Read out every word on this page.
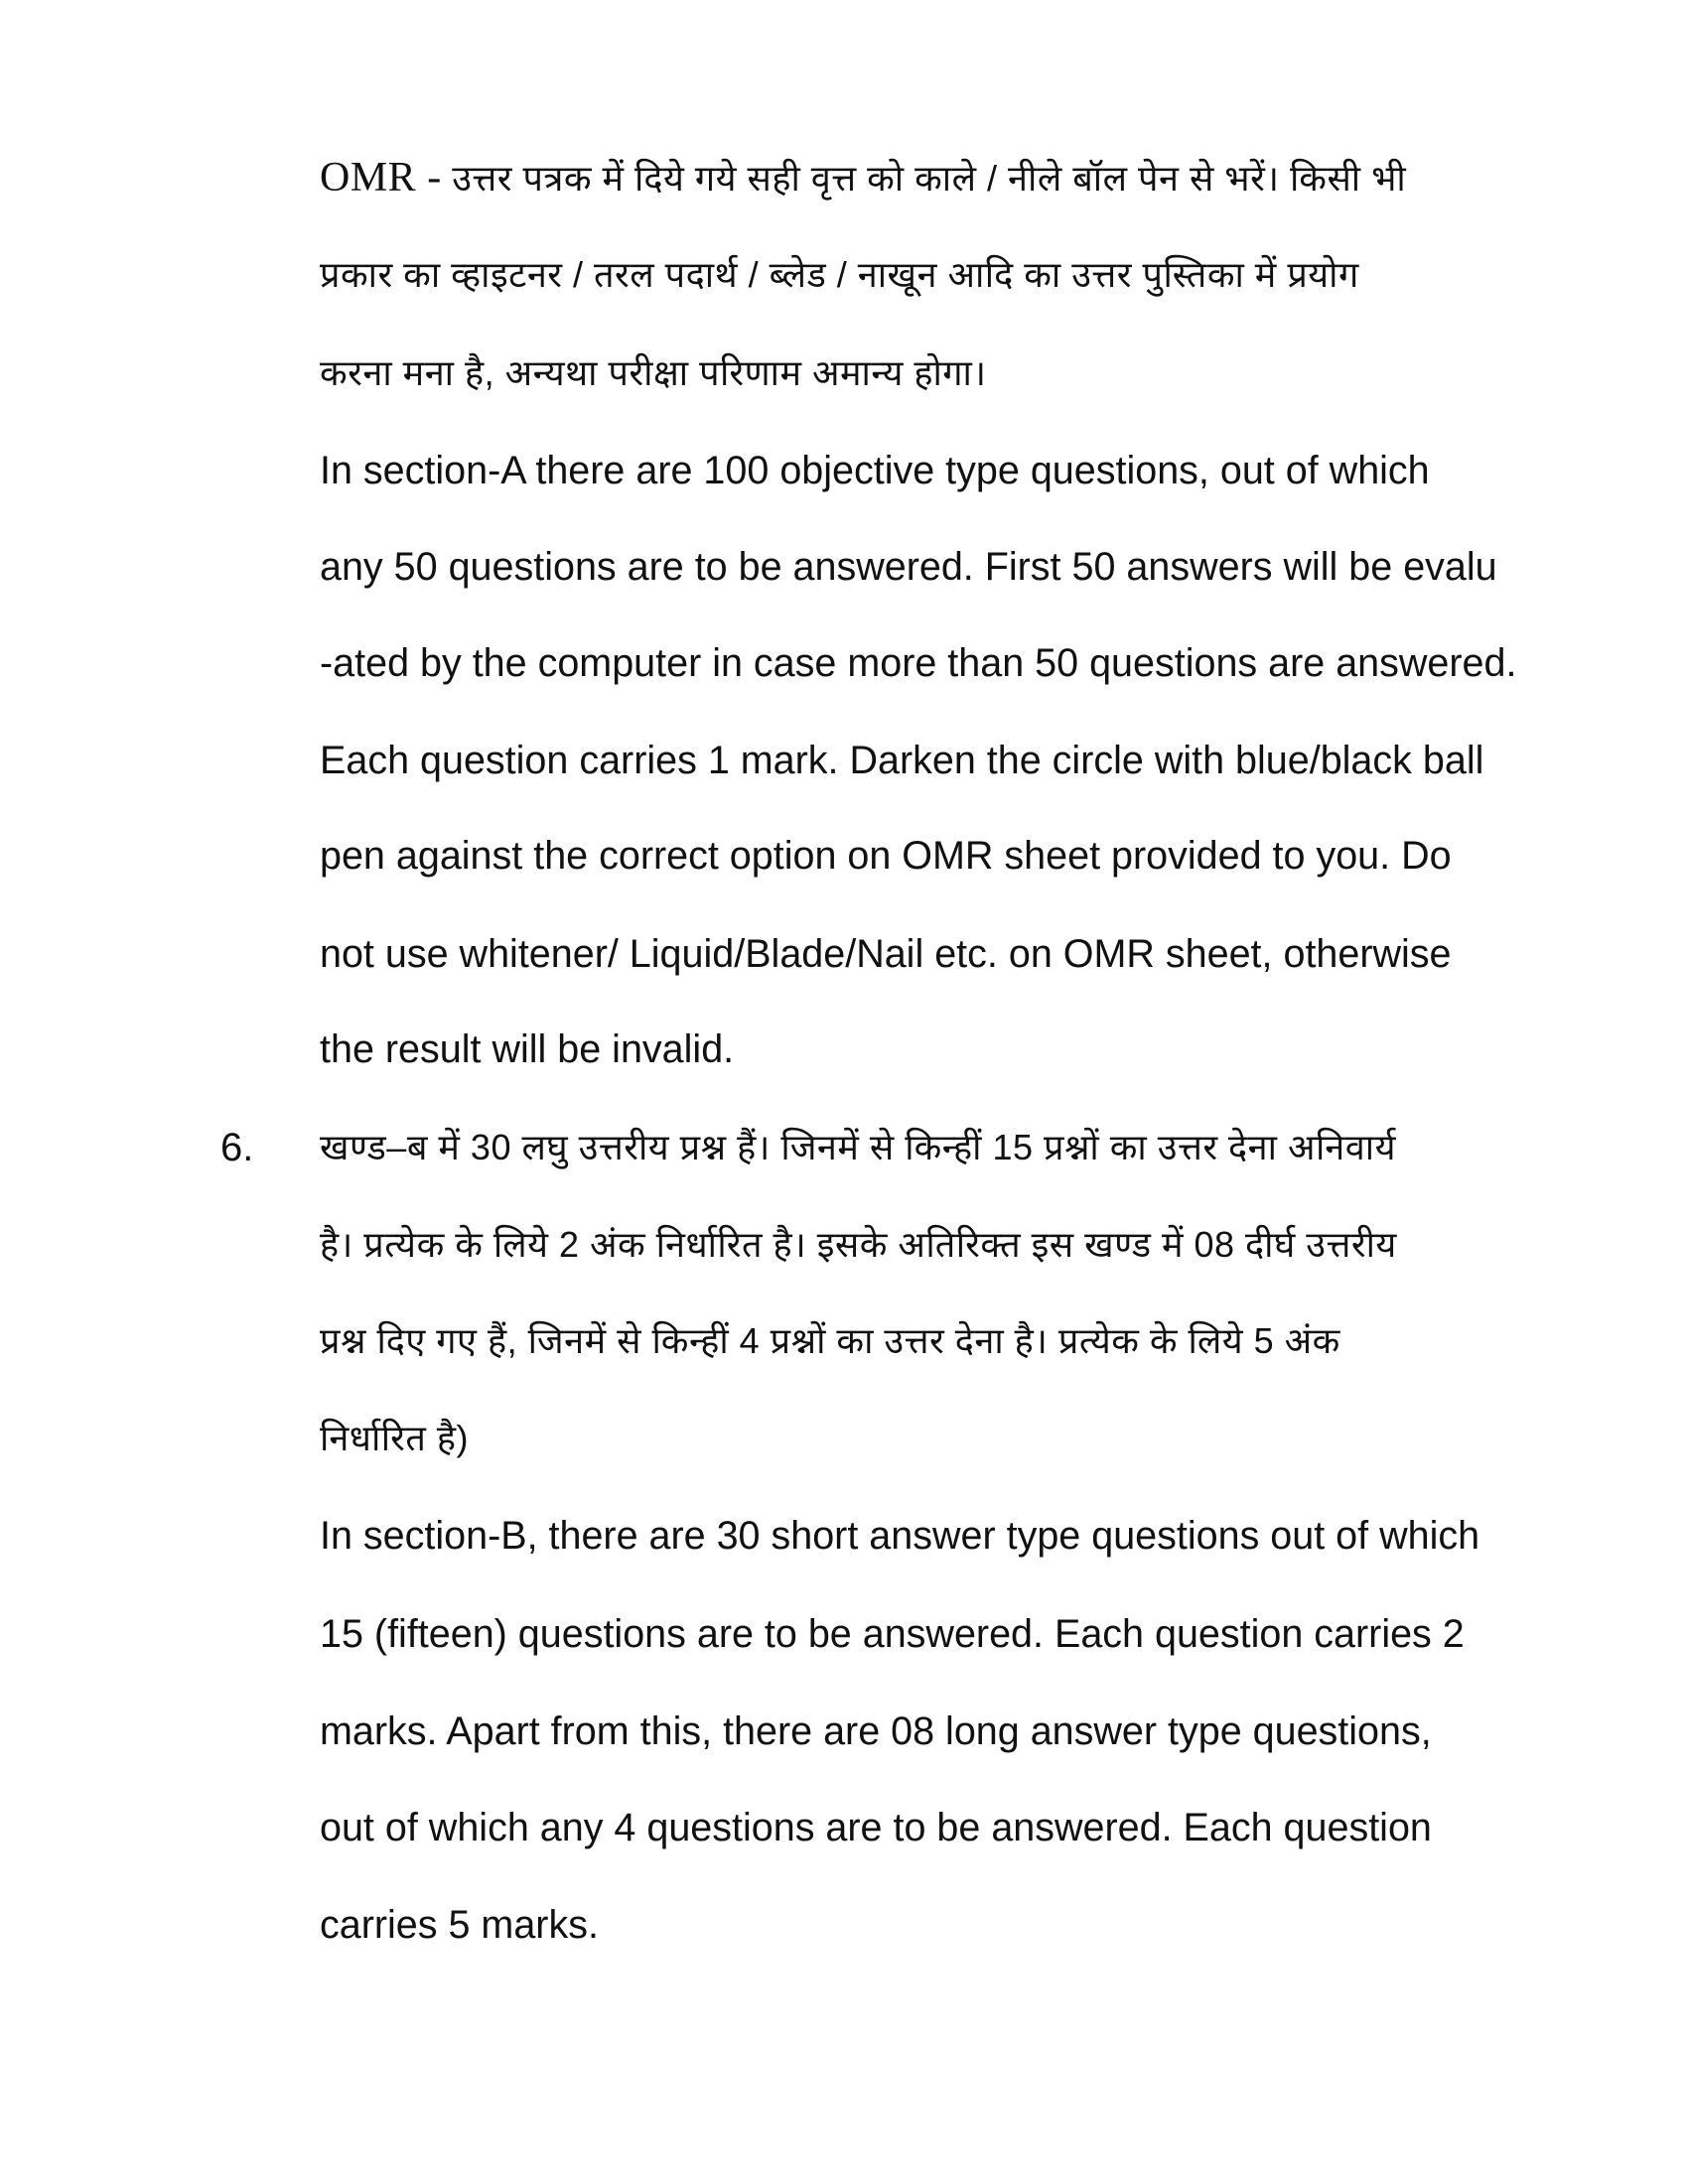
OMR - उत्तर पत्रक में दिये गये सही वृत्त को काले / नीले बॉल पेन से भरें। किसी भी
प्रकार का व्हाइटनर / तरल पदार्थ / ब्लेड / नाखून आदि का उत्तर पुस्तिका में प्रयोग
करना मना है, अन्यथा परीक्षा परिणाम अमान्य होगा।
In section-A there are 100 objective type questions, out of which
any 50 questions are to be answered. First 50 answers will be evalu
-ated by the computer in case more than 50 questions are answered.
Each question carries 1 mark. Darken the circle with blue/black ball
pen against the correct option on OMR sheet provided to you. Do
not use whitener/ Liquid/Blade/Nail etc. on OMR sheet, otherwise
the result will be invalid.
6. खण्ड–ब में 30 लघु उत्तरीय प्रश्न हैं। जिनमें से किन्हीं 15 प्रश्नों का उत्तर देना अनिवार्य
है। प्रत्येक के लिये 2 अंक निर्धारित है। इसके अतिरिक्त इस खण्ड में 08 दीर्घ उत्तरीय
प्रश्न दिए गए हैं, जिनमें से किन्हीं 4 प्रश्नों का उत्तर देना है। प्रत्येक के लिये 5 अंक
निर्धारित है)
In section-B, there are 30 short answer type questions out of which
15 (fifteen) questions are to be answered. Each question carries 2
marks. Apart from this, there are 08 long answer type questions,
out of which any 4 questions are to be answered. Each question
carries 5 marks.
